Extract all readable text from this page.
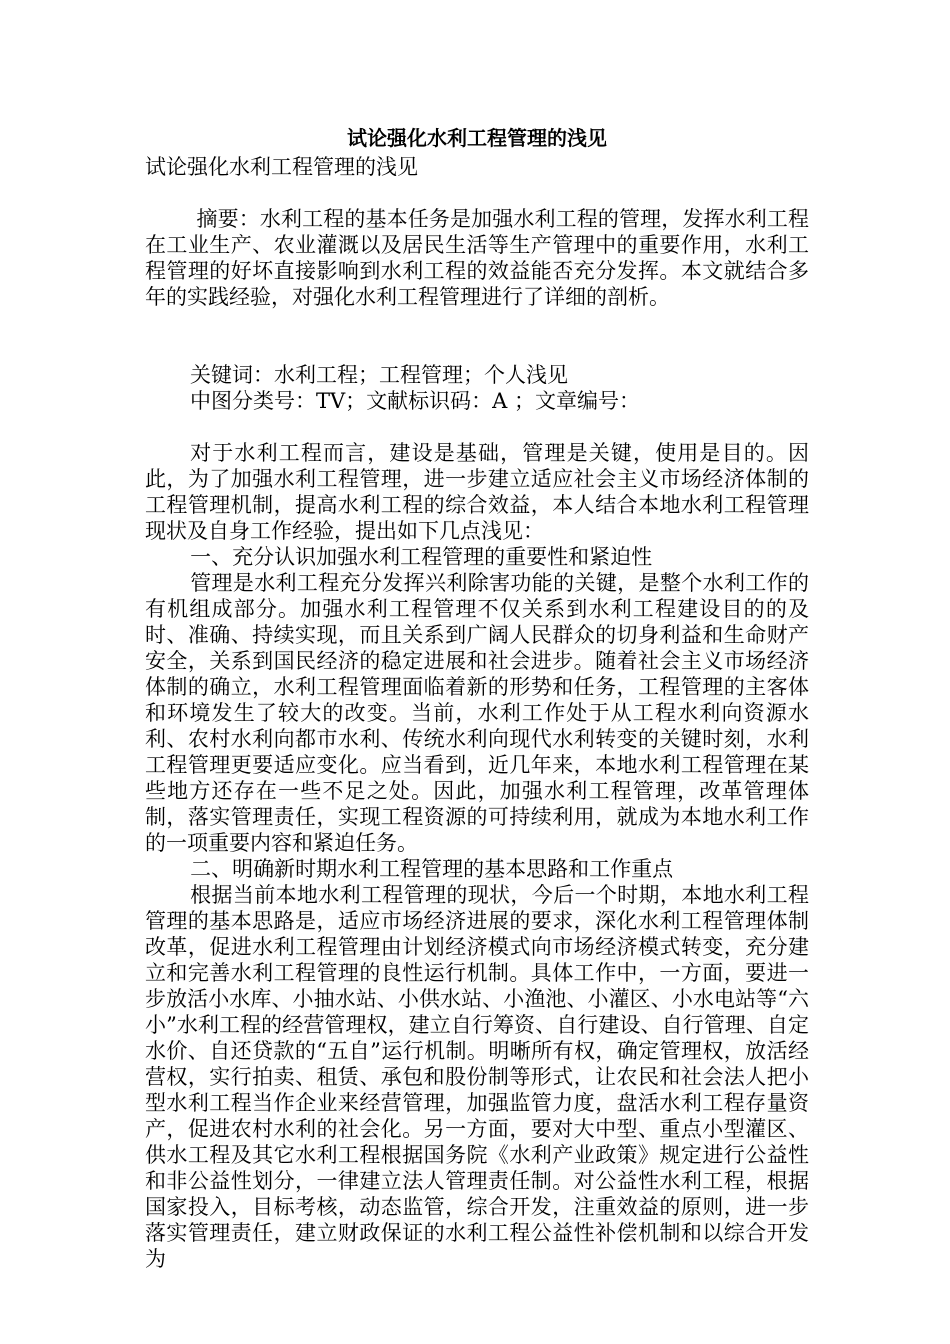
试论强化水利工程管理的浅见

试论强化水利工程管理的浅见

摘要：水利工程的基本任务是加强水利工程的管理，发挥水利工程在工业生产、农业灌溉以及居民生活等生产管理中的重要作用，水利工程管理的好坏直接影响到水利工程的效益能否充分发挥。本文就结合多年的实践经验，对强化水利工程管理进行了详细的剖析。

关键词：水利工程；工程管理；个人浅见

中图分类号：TV；文献标识码：A ；文章编号：

对于水利工程而言，建设是基础，管理是关键，使用是目的。因此，为了加强水利工程管理，进一步建立适应社会主义市场经济体制的工程管理机制，提高水利工程的综合效益，本人结合本地水利工程管理现状及自身工作经验，提出如下几点浅见：

一、充分认识加强水利工程管理的重要性和紧迫性

管理是水利工程充分发挥兴利除害功能的关键，是整个水利工作的有机组成部分。加强水利工程管理不仅关系到水利工程建设目的的及时、准确、持续实现，而且关系到广阔人民群众的切身利益和生命财产安全，关系到国民经济的稳定进展和社会进步。随着社会主义市场经济体制的确立，水利工程管理面临着新的形势和任务，工程管理的主客体和环境发生了较大的改变。当前，水利工作处于从工程水利向资源水利、农村水利向都市水利、传统水利向现代水利转变的关键时刻，水利工程管理更要适应变化。应当看到，近几年来，本地水利工程管理在某些地方还存在一些不足之处。因此，加强水利工程管理，改革管理体制，落实管理责任，实现工程资源的可持续利用，就成为本地水利工作的一项重要内容和紧迫任务。

二、明确新时期水利工程管理的基本思路和工作重点

根据当前本地水利工程管理的现状，今后一个时期，本地水利工程管理的基本思路是，适应市场经济进展的要求，深化水利工程管理体制改革，促进水利工程管理由计划经济模式向市场经济模式转变，充分建立和完善水利工程管理的良性运行机制。具体工作中，一方面，要进一步放活小水库、小抽水站、小供水站、小渔池、小灌区、小水电站等“六小”水利工程的经营管理权，建立自行筹资、自行建设、自行管理、自定水价、自还贷款的“五自”运行机制。明晰所有权，确定管理权，放活经营权，实行拍卖、租赁、承包和股份制等形式，让农民和社会法人把小型水利工程当作企业来经营管理，加强监管力度，盘活水利工程存量资产，促进农村水利的社会化。另一方面，要对大中型、重点小型灌区、供水工程及其它水利工程根据国务院《水利产业政策》规定进行公益性和非公益性划分，一律建立法人管理责任制。对公益性水利工程，根据国家投入，目标考核，动态监管，综合开发，注重效益的原则，进一步落实管理责任，建立财政保证的水利工程公益性补偿机制和以综合开发为
